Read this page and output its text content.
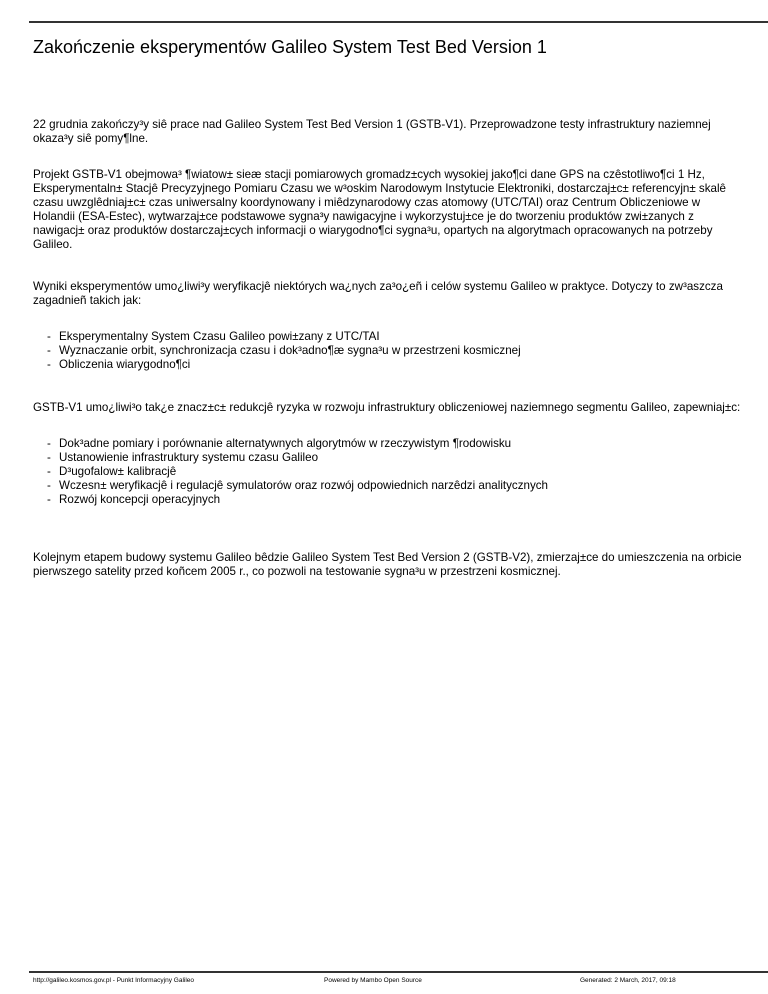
Zakończenie eksperymentów Galileo System Test Bed Version 1

22 grudnia zakończy³y siê prace nad Galileo System Test Bed Version 1 (GSTB-V1). Przeprowadzone testy infrastruktury naziemnej okaza³y siê pomy¶lne.

Projekt GSTB-V1 obejmowa³ ¶wiatow± sieæ stacji pomiarowych gromadz±cych wysokiej jako¶ci dane GPS na czêstotliwo¶ci 1 Hz, Eksperymentaln± Stacjê Precyzyjnego Pomiaru Czasu we w³oskim Narodowym Instytucie Elektroniki, dostarczaj±c± referencyjn± skalê czasu uwzglêdniaj±c± czas uniwersalny koordynowany i miêdzynarodowy czas atomowy (UTC/TAI) oraz Centrum Obliczeniowe w Holandii (ESA-Estec), wytwarzaj±ce podstawowe sygna³y nawigacyjne i wykorzystuj±ce je do tworzeniu produktów zwi±zanych z nawigacj± oraz produktów dostarczaj±cych informacji o wiarygodno¶ci sygna³u, opartych na algorytmach opracowanych na potrzeby Galileo.

Wyniki eksperymentów umo¿liwi³y weryfikacjê niektórych wa¿nych za³o¿eñ i celów systemu Galileo w praktyce. Dotyczy to zw³aszcza zagadnieñ takich jak:

- Eksperymentalny System Czasu Galileo powi±zany z UTC/TAI
- Wyznaczanie orbit, synchronizacja czasu i dok³adno¶æ sygna³u w przestrzeni kosmicznej
- Obliczenia wiarygodno¶ci

GSTB-V1 umo¿liwi³o tak¿e znacz±c± redukcjê ryzyka w rozwoju infrastruktury obliczeniowej naziemnego segmentu Galileo, zapewniaj±c:

- Dok³adne pomiary i porównanie alternatywnych algorytmów w rzeczywistym ¶rodowisku
- Ustanowienie infrastruktury systemu czasu Galileo
- D³ugofalow± kalibracjê
- Wczesn± weryfikacjê i regulacjê symulatorów oraz rozwój odpowiednich narzêdzi analitycznych
- Rozwój koncepcji operacyjnych

Kolejnym etapem budowy systemu Galileo bêdzie Galileo System Test Bed Version 2 (GSTB-V2), zmierzaj±ce do umieszczenia na orbicie pierwszego satelity przed koñcem 2005 r., co pozwoli na testowanie sygna³u w przestrzeni kosmicznej.

http://galileo.kosmos.gov.pl - Punkt Informacyjny Galileo	Powered by Mambo Open Source	Generated: 2 March, 2017, 09:18
